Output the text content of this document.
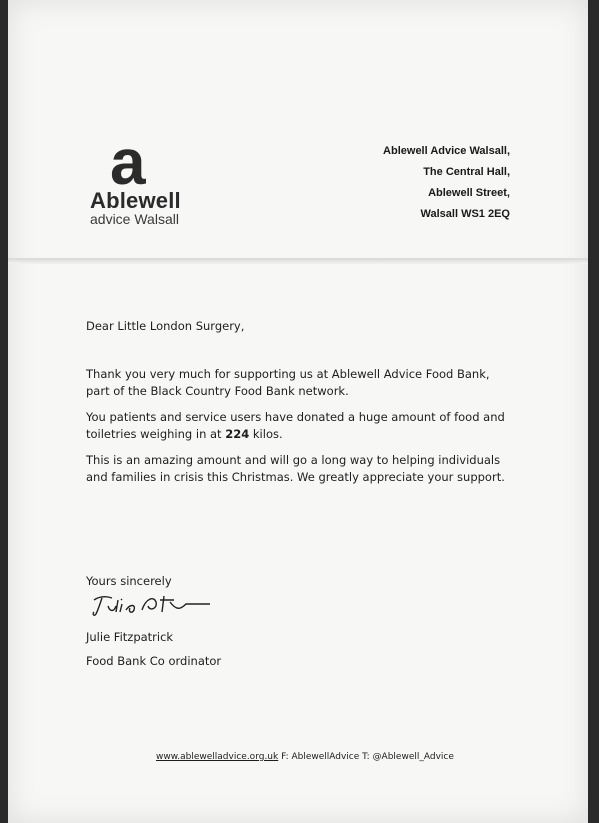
a
Ablewell
advice Walsall
Ablewell Advice Walsall,
The Central Hall,
Ablewell Street,
Walsall WS1 2EQ

Dear Little London Surgery,

Thank you very much for supporting us at Ablewell Advice Food Bank, part of the Black Country Food Bank network.

You patients and service users have donated a huge amount of food and toiletries weighing in at 224 kilos.

This is an amazing amount and will go a long way to helping individuals and families in crisis this Christmas. We greatly appreciate your support.

Yours sincerely
Julie Fitzpatrick
Food Bank Co ordinator
www.ablewelladvice.org.uk F: AblewellAdvice T: @Ablewell_Advice
